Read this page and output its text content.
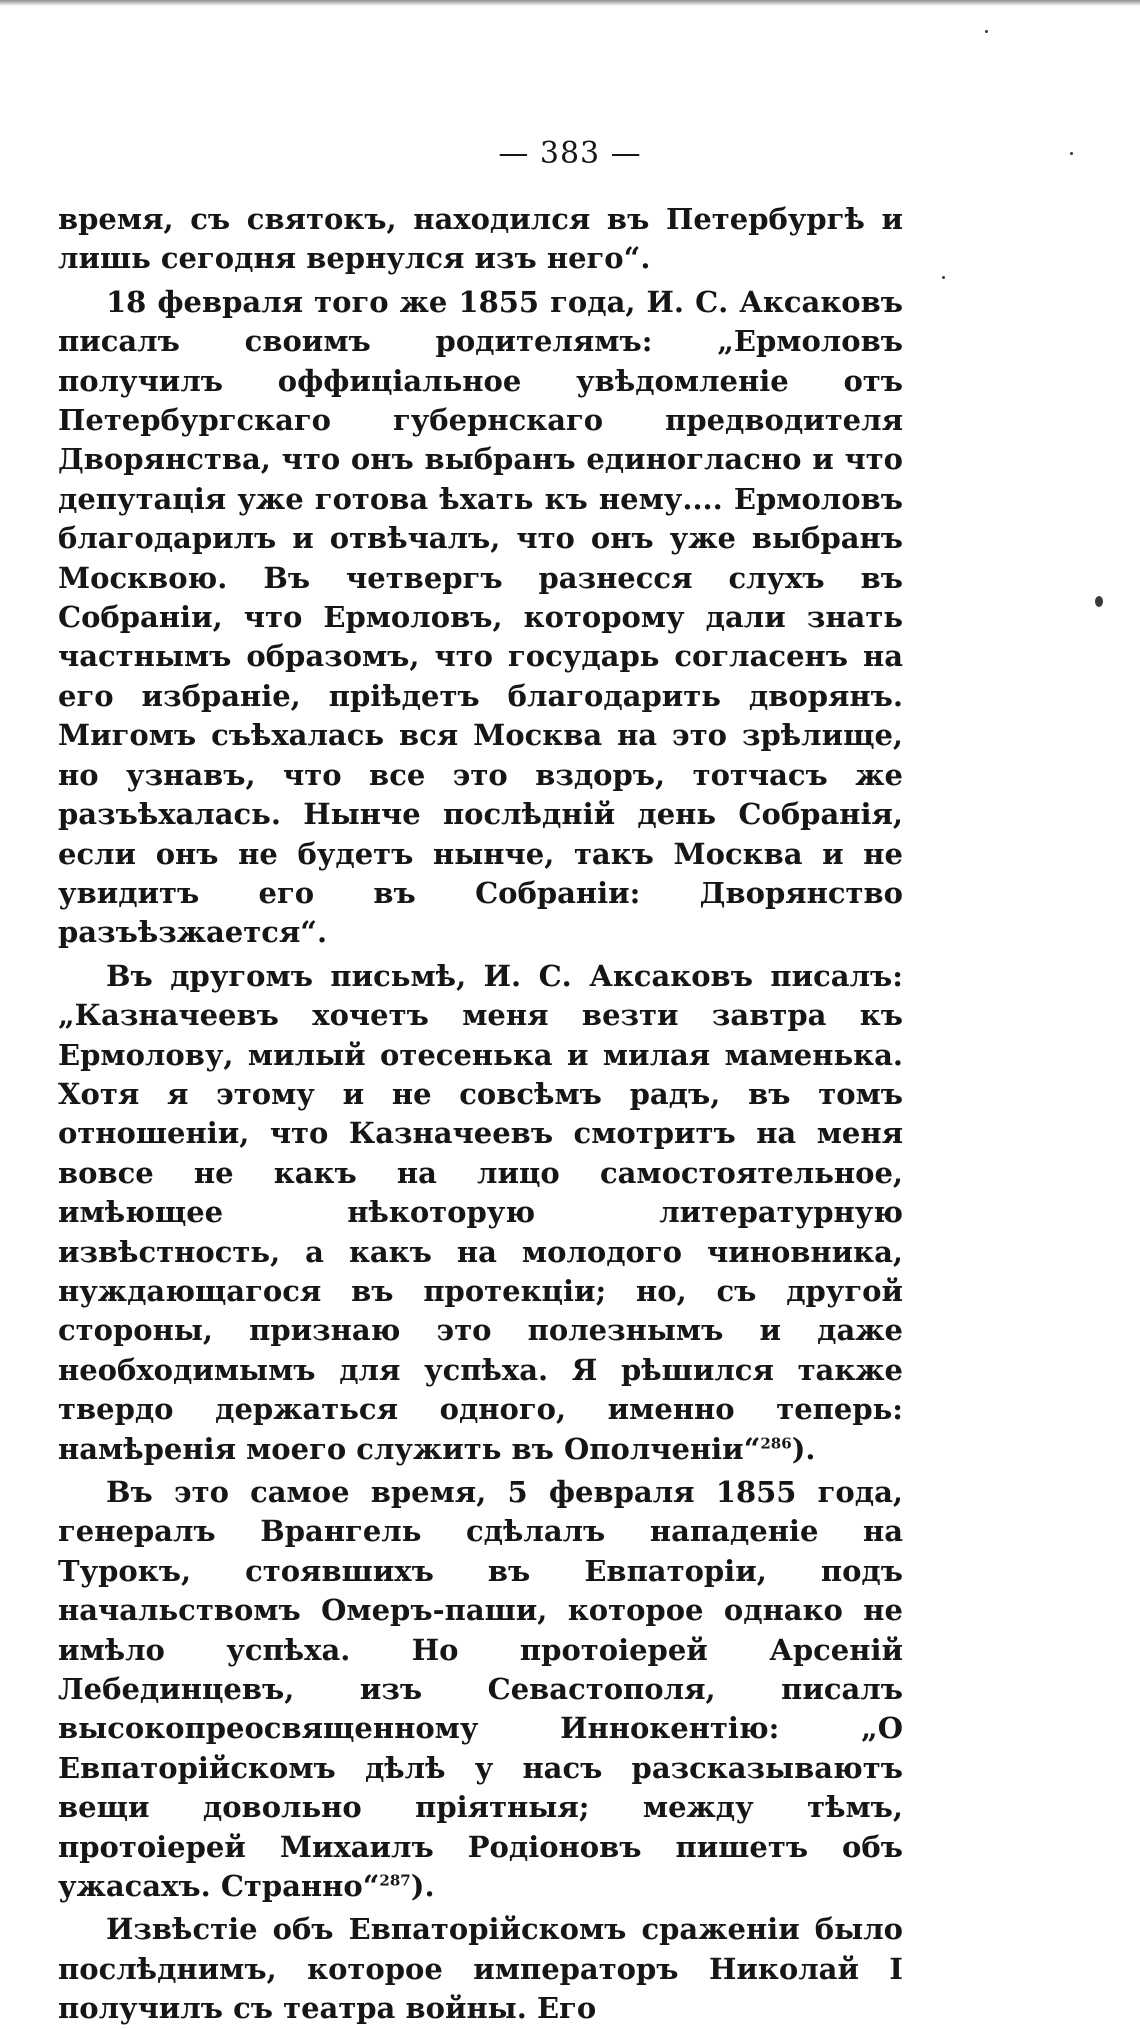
— 383 —

время, съ святокъ, находился въ Петербургѣ и лишь сегодня вернулся изъ него“.

18 февраля того же 1855 года, И. С. Аксаковъ писалъ своимъ родителямъ: „Ермоловъ получилъ оффиціальное увѣдомленіе отъ Петербургскаго губернскаго предводителя Дворянства, что онъ выбранъ единогласно и что депутація уже готова ѣхать къ нему.... Ермоловъ благодарилъ и отвѣчалъ, что онъ уже выбранъ Москвою. Въ четвергъ разнесся слухъ въ Собраніи, что Ермоловъ, которому дали знать частнымъ образомъ, что государь согласенъ на его избраніе, пріѣдетъ благодарить дворянъ. Мигомъ съѣхалась вся Москва на это зрѣлище, но узнавъ, что все это вздоръ, тотчасъ же разъѣхалась. Нынче послѣдній день Собранія, если онъ не будетъ нынче, такъ Москва и не увидитъ его въ Собраніи: Дворянство разъѣзжается“.

Въ другомъ письмѣ, И. С. Аксаковъ писалъ: „Казначеевъ хочетъ меня везти завтра къ Ермолову, милый отесенька и милая маменька. Хотя я этому и не совсѣмъ радъ, въ томъ отношеніи, что Казначеевъ смотритъ на меня вовсе не какъ на лицо самостоятельное, имѣющее нѣкоторую литературную извѣстность, а какъ на молодого чиновника, нуждающагося въ протекціи; но, съ другой стороны, признаю это полезнымъ и даже необходимымъ для успѣха. Я рѣшился также твердо держаться одного, именно теперь: намѣренія моего служить въ Ополченіи“$^{286}$).

Въ это самое время, 5 февраля 1855 года, генералъ Врангель сдѣлалъ нападеніе на Турокъ, стоявшихъ въ Евпаторіи, подъ начальствомъ Омеръ-паши, которое однако не имѣло успѣха. Но протоіерей Арсеній Лебединцевъ, изъ Севастополя, писалъ высокопреосвященному Иннокентію: „О Евпаторійскомъ дѣлѣ у насъ разсказываютъ вещи довольно пріятныя; между тѣмъ, протоіерей Михаилъ Родіоновъ пишетъ объ ужасахъ. Странно“$^{287}$).

Извѣстіе объ Евпаторійскомъ сраженіи было послѣднимъ, которое императоръ Николай I получилъ съ театра войны. Его
